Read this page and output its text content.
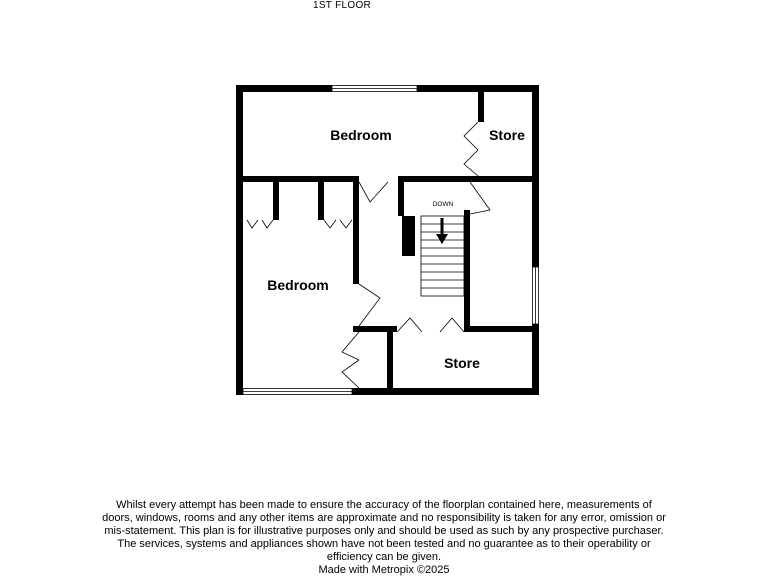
1ST FLOOR
Bedroom	Store
Bedroom
Store
DOWN
Whilst every attempt has been made to ensure the accuracy of the floorplan contained here, measurements of doors, windows, rooms and any other items are approximate and no responsibility is taken for any error, omission or mis-statement. This plan is for illustrative purposes only and should be used as such by any prospective purchaser. The services, systems and appliances shown have not been tested and no guarantee as to their operability or efficiency can be given.
Made with Metropix ©2025
